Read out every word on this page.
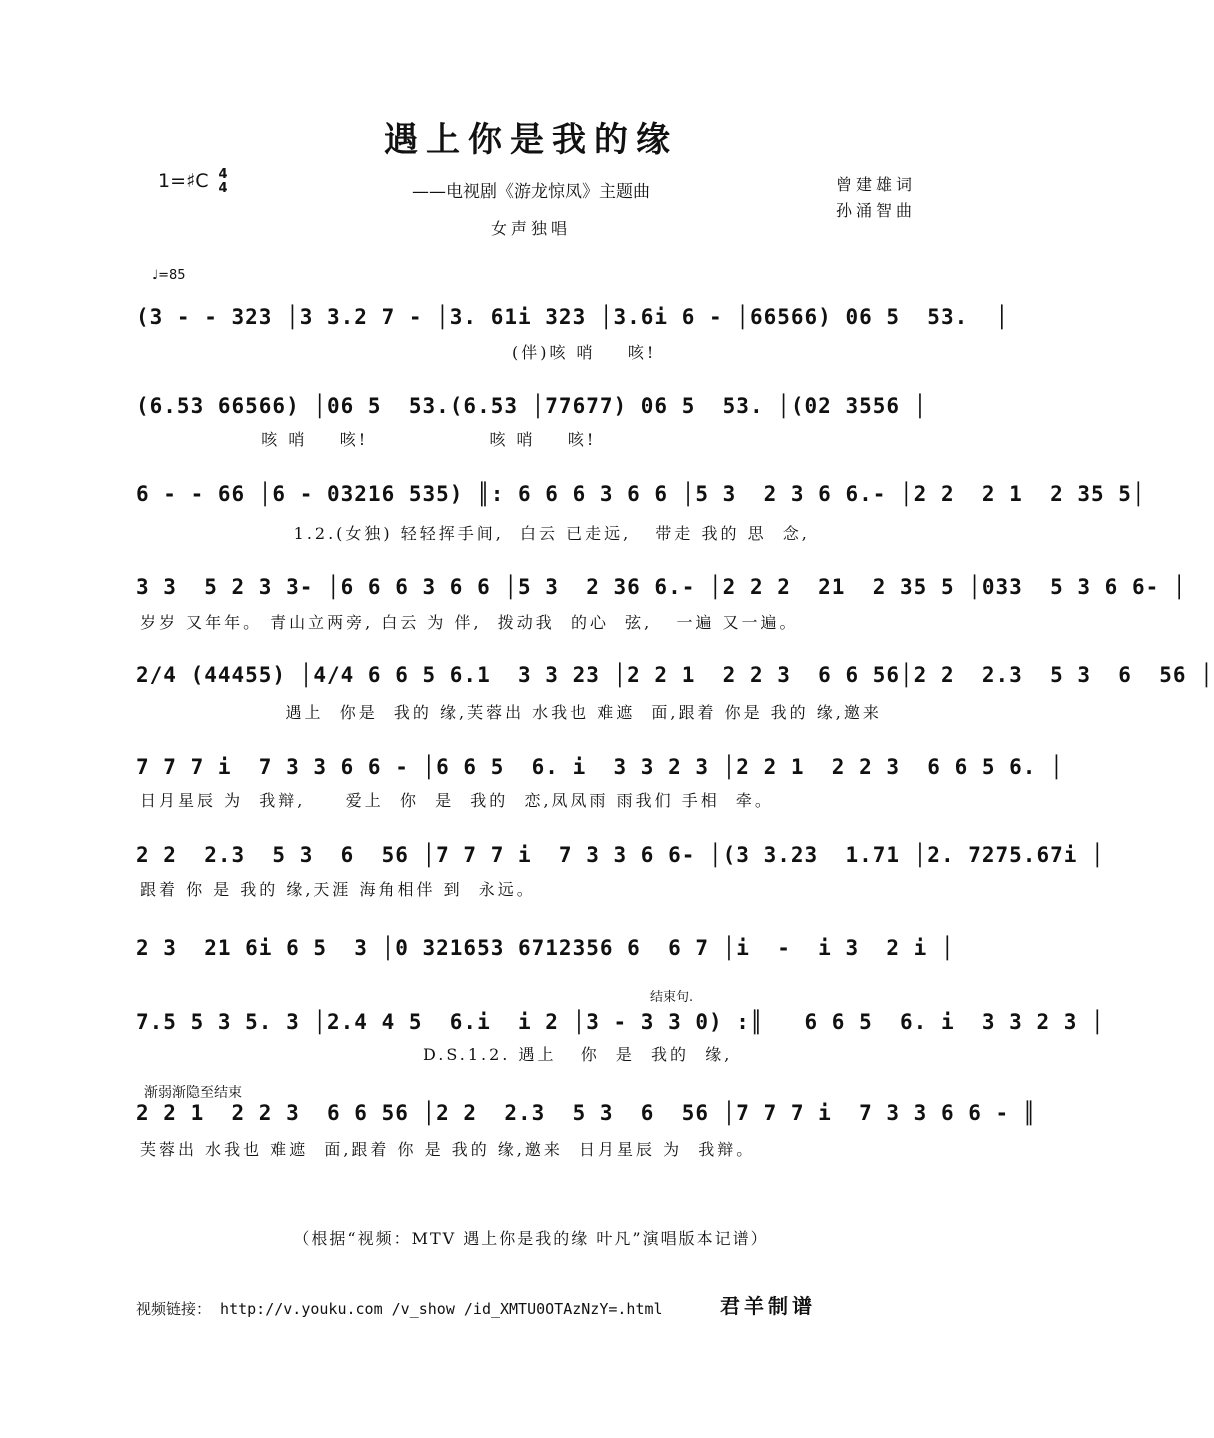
遇上你是我的缘
1=♯C 4
4	——电视剧《游龙惊凤》主题曲	曾建雄词
孙涌智曲
女声独唱
♩=85
(3 - - 323 │3 3.2 7 - │3. 61i 323 │3.6i 6 - │66566) 06 5  53.  │
(伴)咳 哨    咳!
(6.53 66566) │06 5  53.(6.53 │77677) 06 5  53. │(02 3556 │
咳 哨    咳!               咳 哨    咳!
6 - - 66 │6 - 03216 535) ║: 6 6 6 3 6 6 │5 3  2 3 6 6.- │2 2  2 1  2 35 5│
1.2.(女独) 轻轻挥手间,  白云 已走远,   带走 我的 思  念,
3 3  5 2 3 3- │6 6 6 3 6 6 │5 3  2 36 6.- │2 2 2  21  2 35 5 │033  5 3 6 6- │
岁岁 又年年。 青山立两旁, 白云 为 伴,  拨动我  的心  弦,   一遍 又一遍。
2/4 (44455) │4/4 6 6 5 6.1  3 3 23 │2 2 1  2 2 3  6 6 56│2 2  2.3  5 3  6  56 │
遇上  你是  我的 缘,芙蓉出 水我也 难遮  面,跟着 你是 我的 缘,邀来
7 7 7 i  7 3 3 6 6 - │6 6 5  6. i  3 3 2 3 │2 2 1  2 2 3  6 6 5 6. │
日月星辰 为  我辩,     爱上  你  是  我的  恋,凤凤雨 雨我们 手相  牵。
2 2  2.3  5 3  6  56 │7 7 7 i  7 3 3 6 6- │(3 3.23  1.71 │2. 7275.67i │
跟着 你 是 我的 缘,天涯 海角相伴 到  永远。
2 3  21 6i 6 5  3 │0 321653 6712356 6  6 7 │i  -  i 3  2 i │
结束句.
7.5 5 3 5. 3 │2.4 4 5  6.i  i 2 │3 - 3 3 0) :║   6 6 5  6. i  3 3 2 3 │
D.S.1.2. 遇上   你  是  我的  缘,
渐弱渐隐至结束
2 2 1  2 2 3  6 6 56 │2 2  2.3  5 3  6  56 │7 7 7 i  7 3 3 6 6 - ║
芙蓉出 水我也 难遮  面,跟着 你 是 我的 缘,邀来  日月星辰 为  我辩。
（根据“视频：MTV 遇上你是我的缘 叶凡”演唱版本记谱）
视频链接： http://v.youku.com /v_show /id_XMTU0OTAzNzY=.html	君羊制谱
